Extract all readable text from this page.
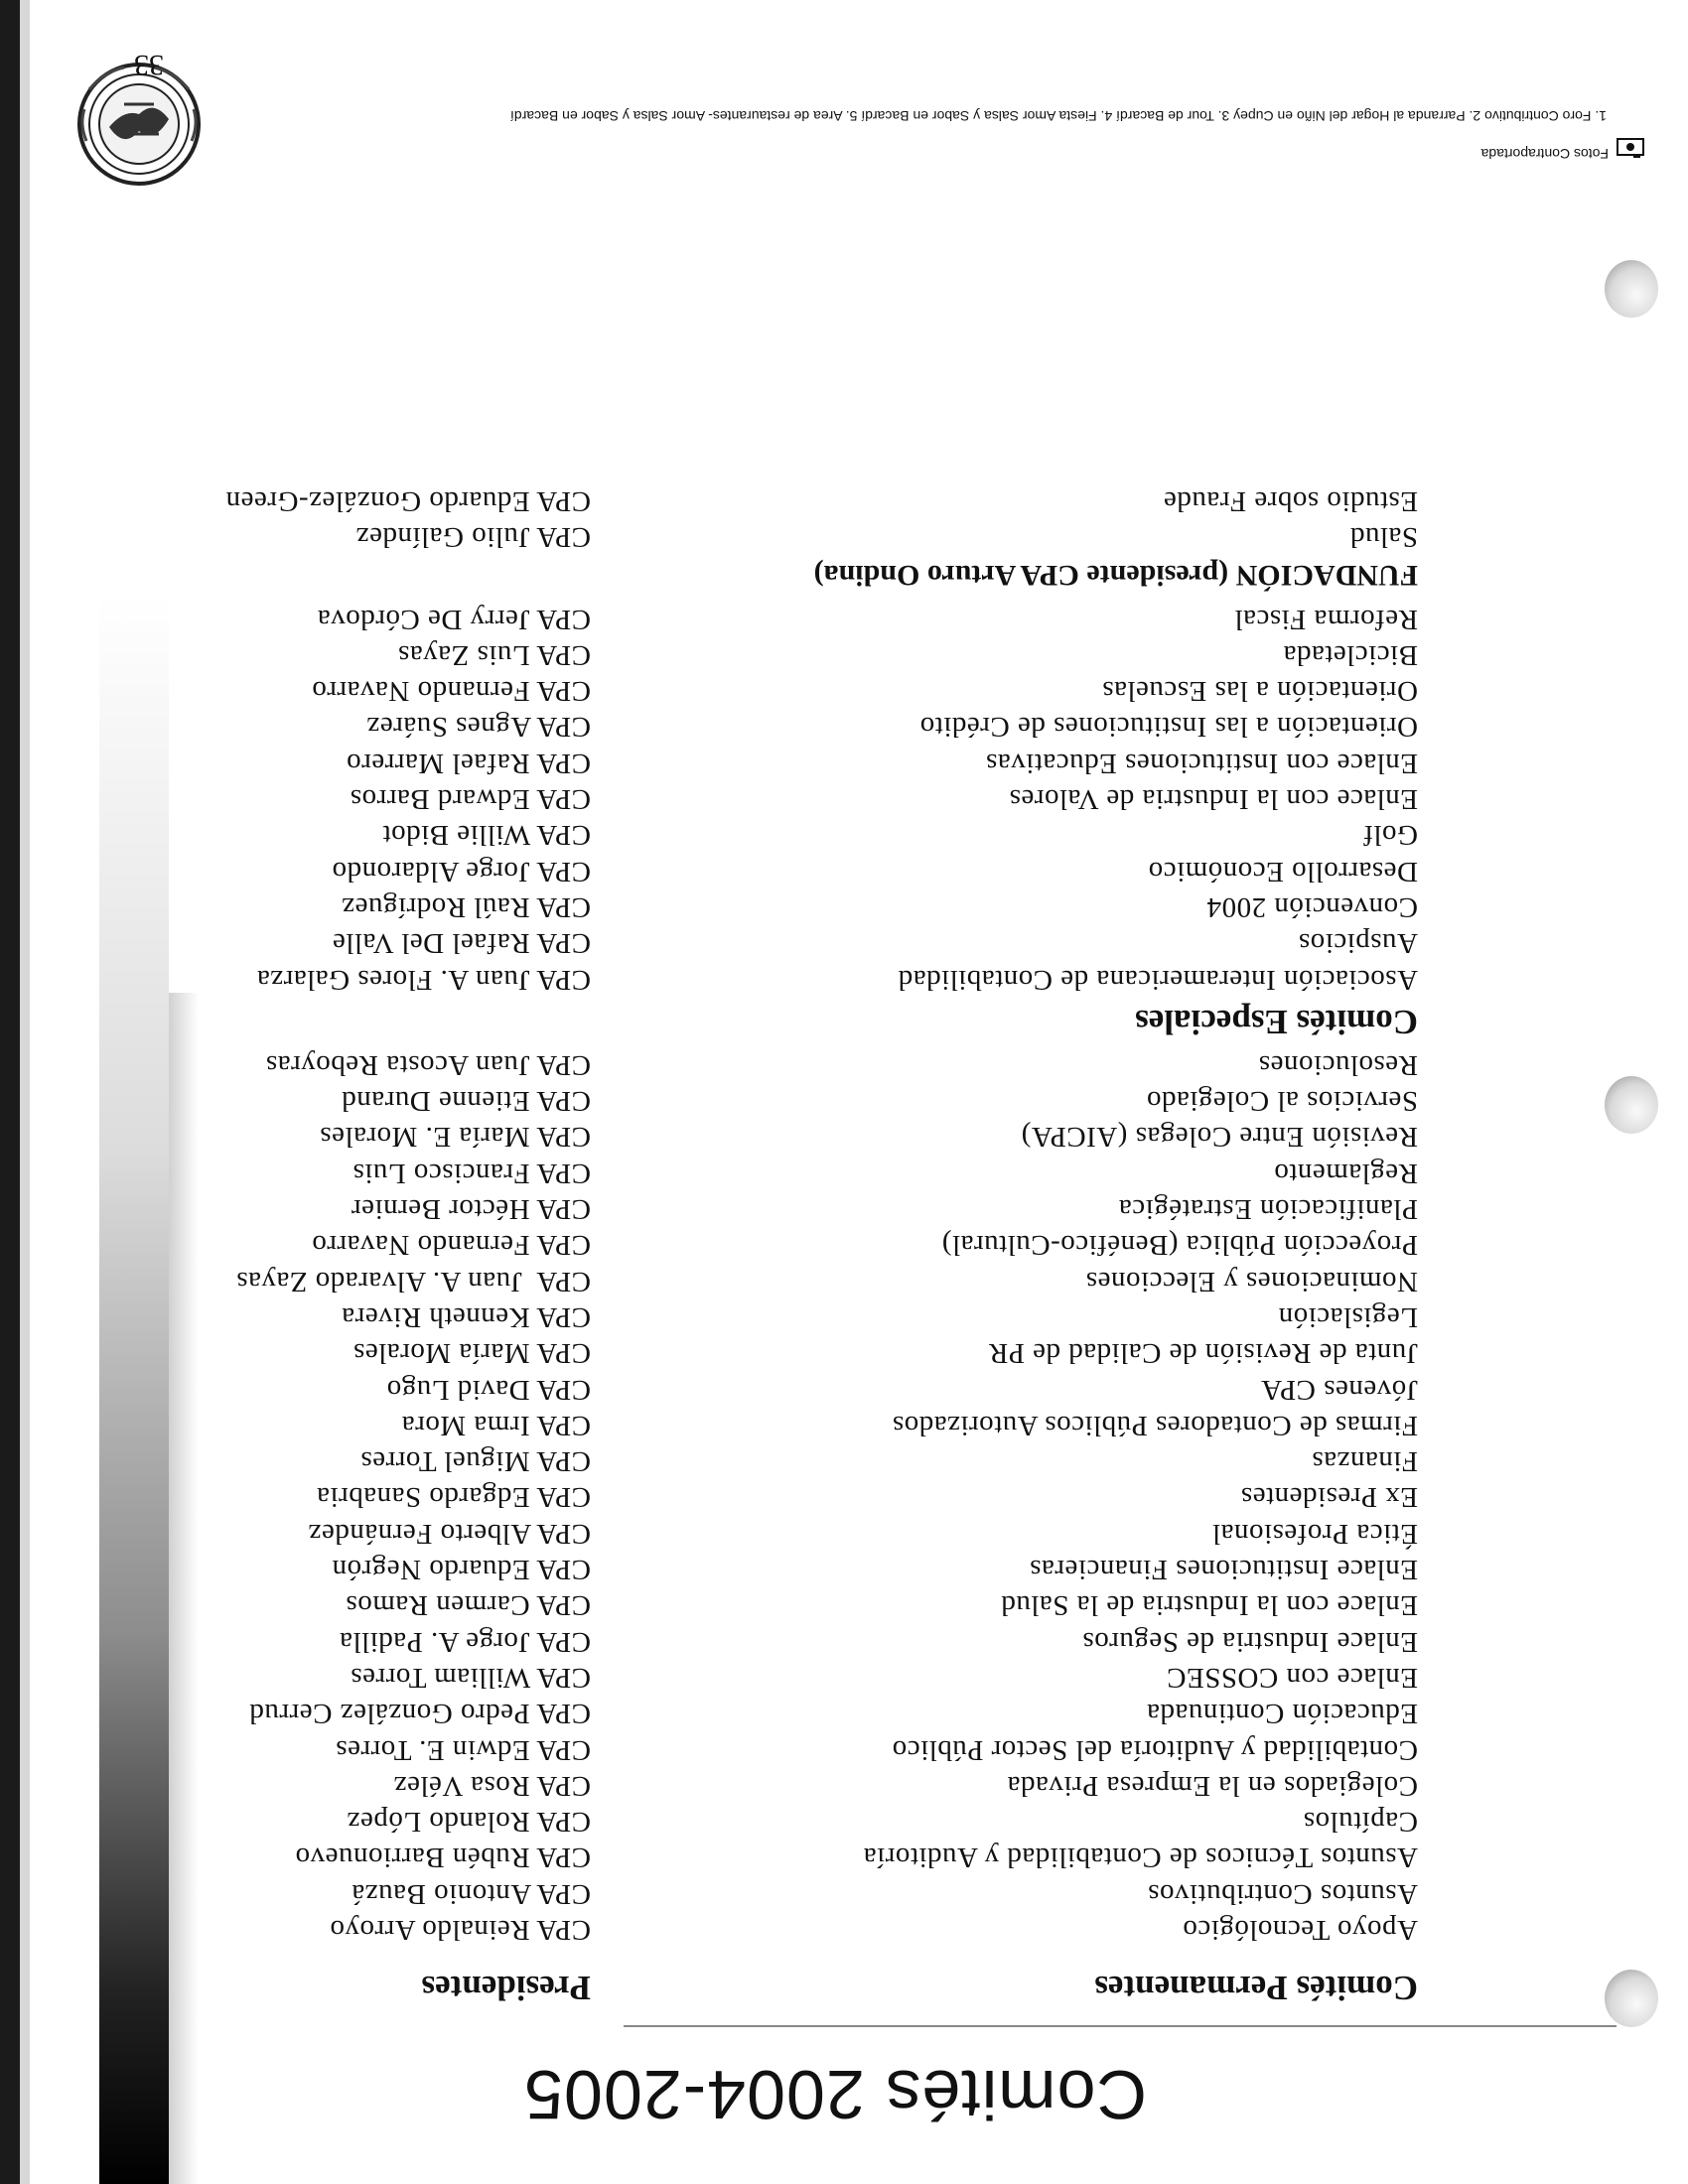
Comités 2004-2005
Comités Permanentes
Presidentes
Apoyo Tecnológico
Asuntos Contributivos
Asuntos Técnicos de Contabilidad y Auditoría
Capítulos
Colegiados en la Empresa Privada
Contabilidad y Auditoría del Sector Público
Educación Continuada
Enlace con COSSEC
Enlace Industria de Seguros
Enlace con la Industria de la Salud
Enlace Instituciones Financieras
Ética Profesional
Ex Presidentes
Finanzas
Firmas de Contadores Públicos Autorizados
Jóvenes CPA
Junta de Revisión de Calidad de PR
Legislación
Nominaciones y Elecciones
Proyección Pública (Benéfico-Cultural)
Planificación Estratégica
Reglamento
Revisión Entre Colegas (AICPA)
Servicios al Colegiado
Resoluciones
Comités Especiales
Asociación Interamericana de Contabilidad
Auspicios
Convención 2004
Desarrollo Económico
Golf
Enlace con la Industria de Valores
Enlace con Instituciones Educativas
Orientación a las Instituciones de Crédito
Orientación a las Escuelas
Bicicletada
Reforma Fiscal
FUNDACIÓN (presidente CPA Arturo Ondina)
Salud
Estudio sobre Fraude
CPA Reinaldo Arroyo
CPA Antonio Bauzá
CPA Rubén Barrionuevo
CPA Rolando López
CPA Rosa Vélez
CPA Edwin E. Torres
CPA Pedro González Cerrud
CPA William Torres
CPA Jorge A. Padilla
CPA Carmen Ramos
CPA Eduardo Negrón
CPA Alberto Fernández
CPA Edgardo Sanabria
CPA Miguel Torres
CPA Irma Mora
CPA David Lugo
CPA María Morales
CPA Kenneth Rivera
CPA  Juan A. Alvarado Zayas
CPA Fernando Navarro
CPA Héctor Bernier
CPA Francisco Luis
CPA María E. Morales
CPA Etienne Durand
CPA Juan Acosta Reboyras
CPA Juan A. Flores Galarza
CPA Rafael Del Valle
CPA Raúl Rodríguez
CPA Jorge Aldarondo
CPA Willie Bidot
CPA Edward Barros
CPA Rafael Marrero
CPA Agnes Suárez
CPA Fernando Navarro
CPA Luis Zayas
CPA Jerry De Córdova
CPA Julio Galíndez
CPA Eduardo González-Green
Fotos Contraportada
1. Foro Contributivo 2. Parranda al Hogar del Niño en Cupey 3. Tour de Bacardí 4. Fiesta Amor Salsa y Sabor en Bacardí 5. Area de restaurantes- Amor Salsa y Sabor en Bacardí
33
